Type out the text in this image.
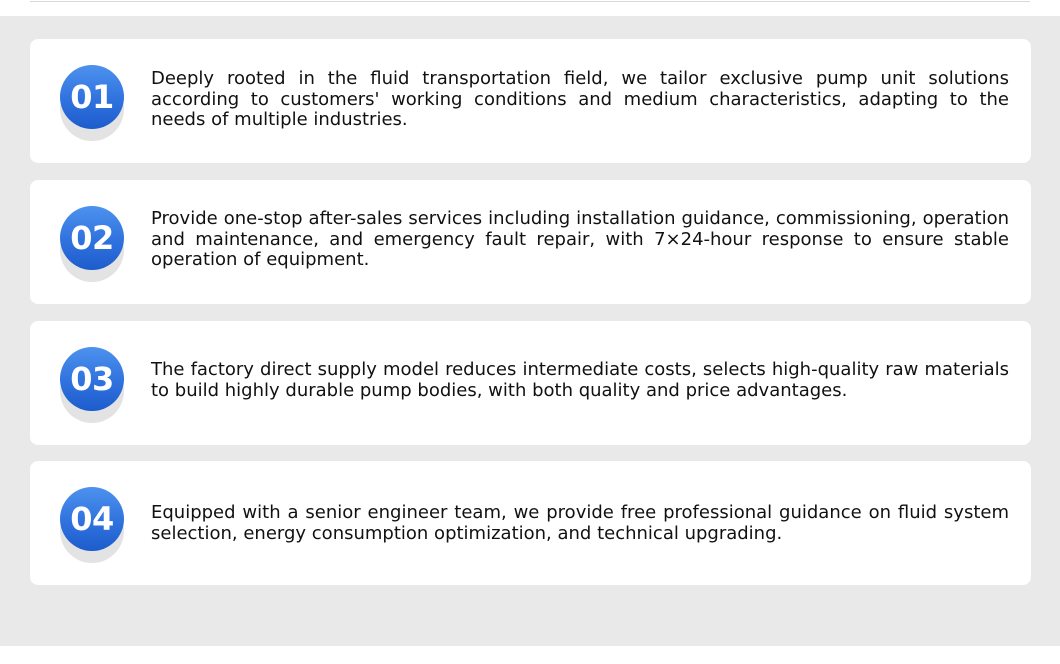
01	Deeply rooted in the fluid transportation field, we tailor exclusive pump unit solutions according to customers' working conditions and medium characteristics, adapting to the needs of multiple industries.

02

Provide one-stop after-sales services including installation guidance, commissioning, operation and maintenance, and emergency fault repair, with 7×24-hour response to ensure stable operation of equipment.

03	The factory direct supply model reduces intermediate costs, selects high-quality raw materials to build highly durable pump bodies, with both quality and price advantages.

04	Equipped with a senior engineer team, we provide free professional guidance on fluid system selection, energy consumption optimization, and technical upgrading.
